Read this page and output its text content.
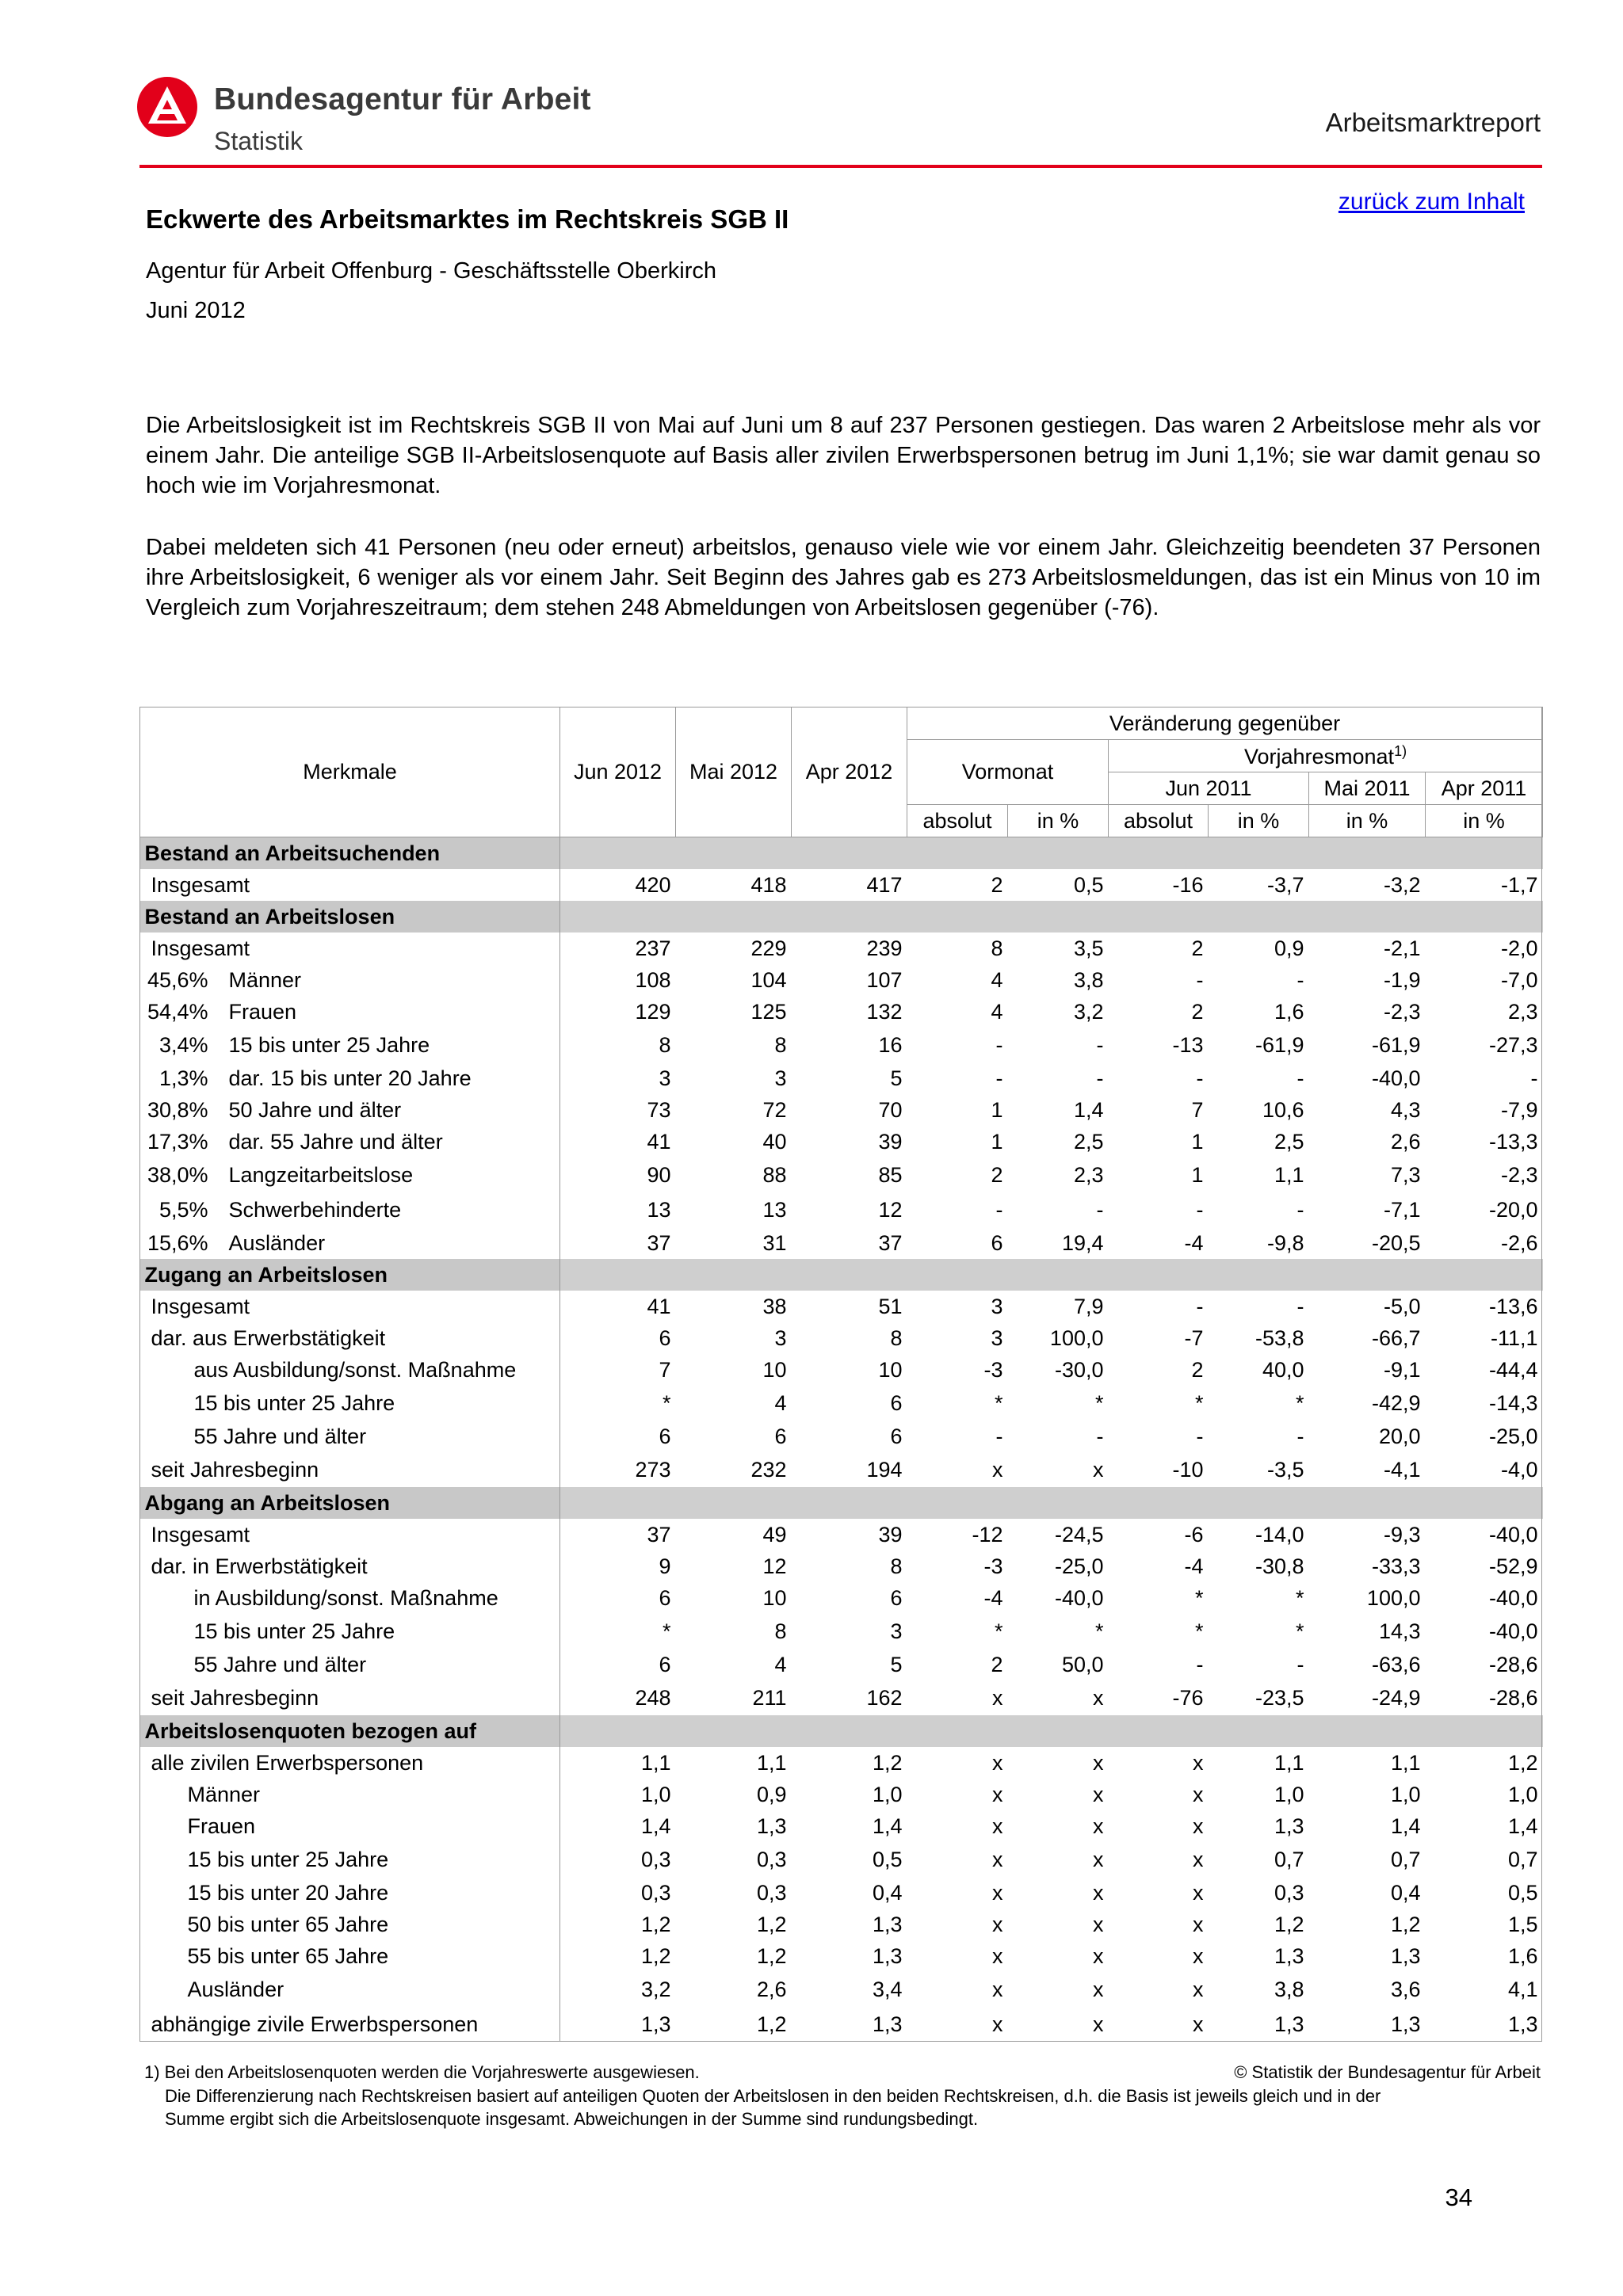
Bundesagentur für Arbeit
Statistik
Arbeitsmarktreport
zurück zum Inhalt
Eckwerte des Arbeitsmarktes im Rechtskreis SGB II
Agentur für Arbeit Offenburg - Geschäftsstelle Oberkirch
Juni 2012
Die Arbeitslosigkeit ist im Rechtskreis SGB II von Mai auf Juni um 8 auf 237 Personen gestiegen. Das waren 2 Arbeitslose mehr als vor einem Jahr. Die anteilige SGB II-Arbeitslosenquote auf Basis aller zivilen Erwerbspersonen betrug im Juni 1,1%; sie war damit genau so hoch wie im Vorjahresmonat.
Dabei meldeten sich 41 Personen (neu oder erneut) arbeitslos, genauso viele wie vor einem Jahr. Gleichzeitig beendeten 37 Personen ihre Arbeitslosigkeit, 6 weniger als vor einem Jahr. Seit Beginn des Jahres gab es 273 Arbeitslosmeldungen, das ist ein Minus von 10 im Vergleich zum Vorjahreszeitraum; dem stehen 248 Abmeldungen von Arbeitslosen gegenüber (-76).
Merkmale	Jun 2012	Mai 2012	Apr 2012	Veränderung gegenüber					
				Vormonat		Vorjahresmonat$^{1)}$
						Jun 2011		Mai 2011	Apr 2011
				absolut	in %	absolut	in %	in %	in %
Bestand an Arbeitsuchenden									
Insgesamt	420	418	417	2	0,5	-16	-3,7	-3,2	-1,7
Bestand an Arbeitslosen									
Insgesamt	237	229	239	8	3,5	2	0,9	-2,1	-2,0
45,6% Männer	108	104	107	4	3,8	-	-	-1,9	-7,0
54,4% Frauen	129	125	132	4	3,2	2	1,6	-2,3	2,3
3,4% 15 bis unter 25 Jahre	8	8	16	-	-	-13	-61,9	-61,9	-27,3
1,3% dar. 15 bis unter 20 Jahre	3	3	5	-	-	-	-	-40,0	-
30,8% 50 Jahre und älter	73	72	70	1	1,4	7	10,6	4,3	-7,9
17,3% dar. 55 Jahre und älter	41	40	39	1	2,5	1	2,5	2,6	-13,3
38,0% Langzeitarbeitslose	90	88	85	2	2,3	1	1,1	7,3	-2,3
5,5% Schwerbehinderte	13	13	12	-	-	-	-	-7,1	-20,0
15,6% Ausländer	37	31	37	6	19,4	-4	-9,8	-20,5	-2,6
Zugang an Arbeitslosen									
Insgesamt	41	38	51	3	7,9	-	-	-5,0	-13,6
dar. aus Erwerbstätigkeit	6	3	8	3	100,0	-7	-53,8	-66,7	-11,1
aus Ausbildung/sonst. Maßnahme	7	10	10	-3	-30,0	2	40,0	-9,1	-44,4
15 bis unter 25 Jahre	*	4	6	*	*	*	*	-42,9	-14,3
55 Jahre und älter	6	6	6	-	-	-	-	20,0	-25,0
seit Jahresbeginn	273	232	194	x	x	-10	-3,5	-4,1	-4,0
Abgang an Arbeitslosen									
Insgesamt	37	49	39	-12	-24,5	-6	-14,0	-9,3	-40,0
dar. in Erwerbstätigkeit	9	12	8	-3	-25,0	-4	-30,8	-33,3	-52,9
in Ausbildung/sonst. Maßnahme	6	10	6	-4	-40,0	*	*	100,0	-40,0
15 bis unter 25 Jahre	*	8	3	*	*	*	*	14,3	-40,0
55 Jahre und älter	6	4	5	2	50,0	-	-	-63,6	-28,6
seit Jahresbeginn	248	211	162	x	x	-76	-23,5	-24,9	-28,6
Arbeitslosenquoten bezogen auf									
alle zivilen Erwerbspersonen	1,1	1,1	1,2	x	x	x	1,1	1,1	1,2
Männer	1,0	0,9	1,0	x	x	x	1,0	1,0	1,0
Frauen	1,4	1,3	1,4	x	x	x	1,3	1,4	1,4
15 bis unter 25 Jahre	0,3	0,3	0,5	x	x	x	0,7	0,7	0,7
15 bis unter 20 Jahre	0,3	0,3	0,4	x	x	x	0,3	0,4	0,5
50 bis unter 65 Jahre	1,2	1,2	1,3	x	x	x	1,2	1,2	1,5
55 bis unter 65 Jahre	1,2	1,2	1,3	x	x	x	1,3	1,3	1,6
Ausländer	3,2	2,6	3,4	x	x	x	3,8	3,6	4,1
abhängige zivile Erwerbspersonen	1,3	1,2	1,3	x	x	x	1,3	1,3	1,3
1) Bei den Arbeitslosenquoten werden die Vorjahreswerte ausgewiesen.	© Statistik der Bundesagentur für Arbeit
Die Differenzierung nach Rechtskreisen basiert auf anteiligen Quoten der Arbeitslosen in den beiden Rechtskreisen, d.h. die Basis ist jeweils gleich und in der
Summe ergibt sich die Arbeitslosenquote insgesamt. Abweichungen in der Summe sind rundungsbedingt.
34
